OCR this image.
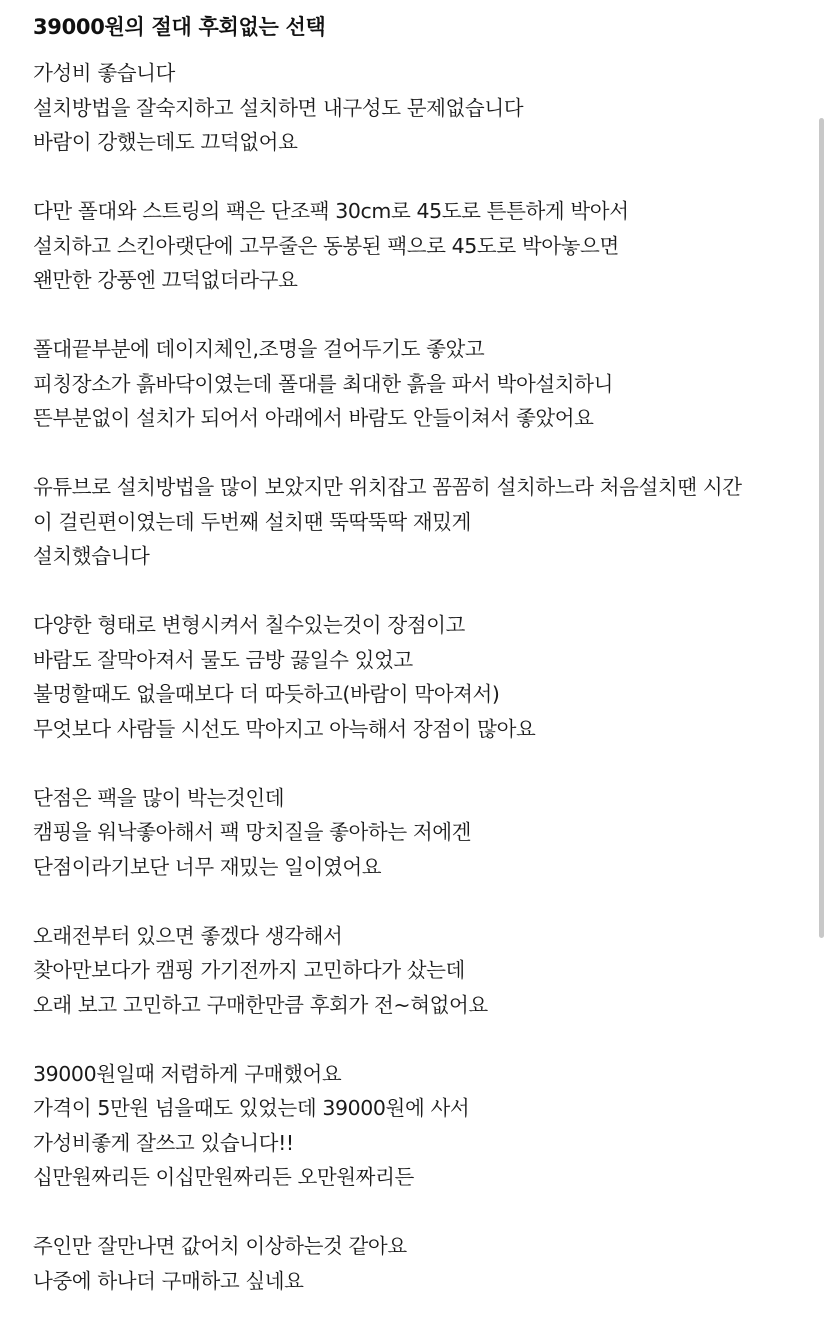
39000원의 절대 후회없는 선택

가성비 좋습니다
설치방법을 잘숙지하고 설치하면 내구성도 문제없습니다
바람이 강했는데도 끄덕없어요

다만 폴대와 스트링의 팩은 단조팩 30cm로 45도로 튼튼하게 박아서
설치하고 스킨아랫단에 고무줄은 동봉된 팩으로 45도로 박아놓으면
왠만한 강풍엔 끄덕없더라구요

폴대끝부분에 데이지체인,조명을 걸어두기도 좋았고
피칭장소가 흙바닥이였는데 폴대를 최대한 흙을 파서 박아설치하니
뜬부분없이 설치가 되어서 아래에서 바람도 안들이쳐서 좋았어요

유튜브로 설치방법을 많이 보았지만 위치잡고 꼼꼼히 설치하느라 처음설치땐 시간
이 걸린편이였는데 두번째 설치땐 뚝딱뚝딱 재밌게
설치했습니다

다양한 형태로 변형시켜서 칠수있는것이 장점이고
바람도 잘막아져서 물도 금방 끓일수 있었고
불멍할때도 없을때보다 더 따듯하고(바람이 막아져서)
무엇보다 사람들 시선도 막아지고 아늑해서 장점이 많아요

단점은 팩을 많이 박는것인데
캠핑을 워낙좋아해서 팩 망치질을 좋아하는 저에겐
단점이라기보단 너무 재밌는 일이였어요

오래전부터 있으면 좋겠다 생각해서
찾아만보다가 캠핑 가기전까지 고민하다가 샀는데
오래 보고 고민하고 구매한만큼 후회가 전~혀없어요

39000원일때 저렴하게 구매했어요
가격이 5만원 넘을때도 있었는데 39000원에 사서
가성비좋게 잘쓰고 있습니다!!
십만원짜리든 이십만원짜리든 오만원짜리든

주인만 잘만나면 값어치 이상하는것 같아요
나중에 하나더 구매하고 싶네요
